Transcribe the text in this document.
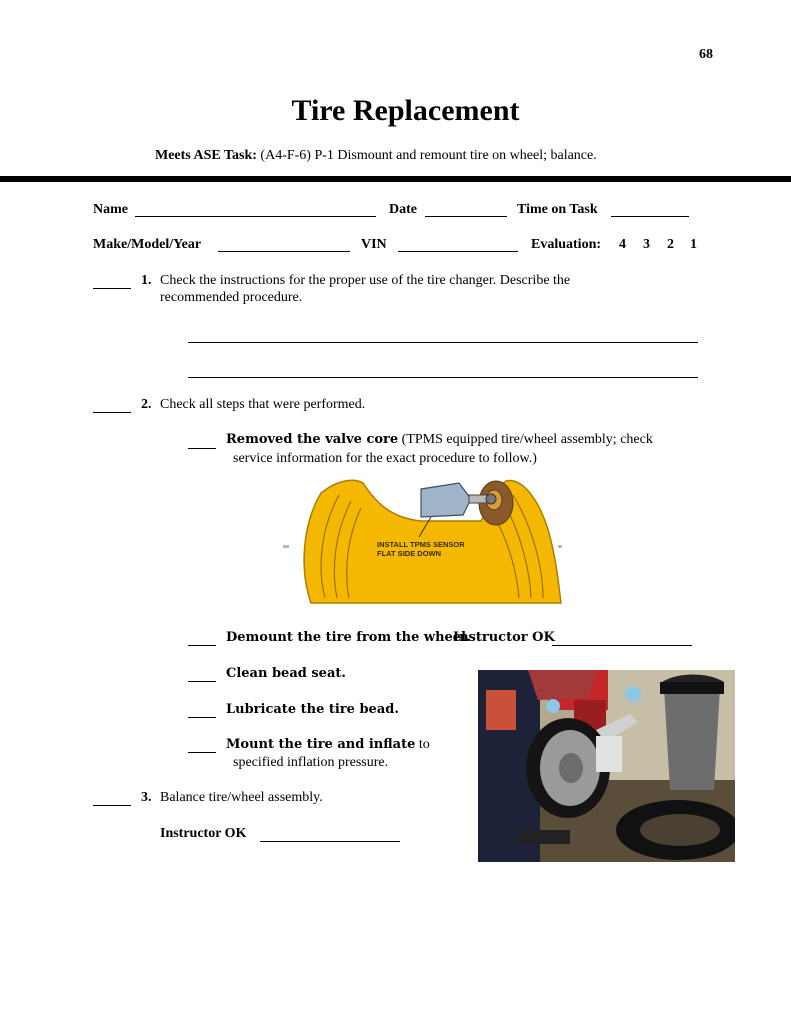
68
Tire Replacement
Meets ASE Task: (A4-F-6) P-1 Dismount and remount tire on wheel; balance.
Name	Date	Time on Task
Make/Model/Year	VIN	Evaluation: 4 3 2 1
1. Check the instructions for the proper use of the tire changer. Describe the
recommended procedure.
2. Check all steps that were performed.
Removed the valve core (TPMS equipped tire/wheel assembly; check
service information for the exact procedure to follow.)
INSTALL TPMS SENSOR
FLAT SIDE DOWN
Demount the tire from the wheel.
Instructor OK
Clean bead seat.
Lubricate the tire bead.
Mount the tire and inflate to
specified inflation pressure.
3. Balance tire/wheel assembly.
Instructor OK
